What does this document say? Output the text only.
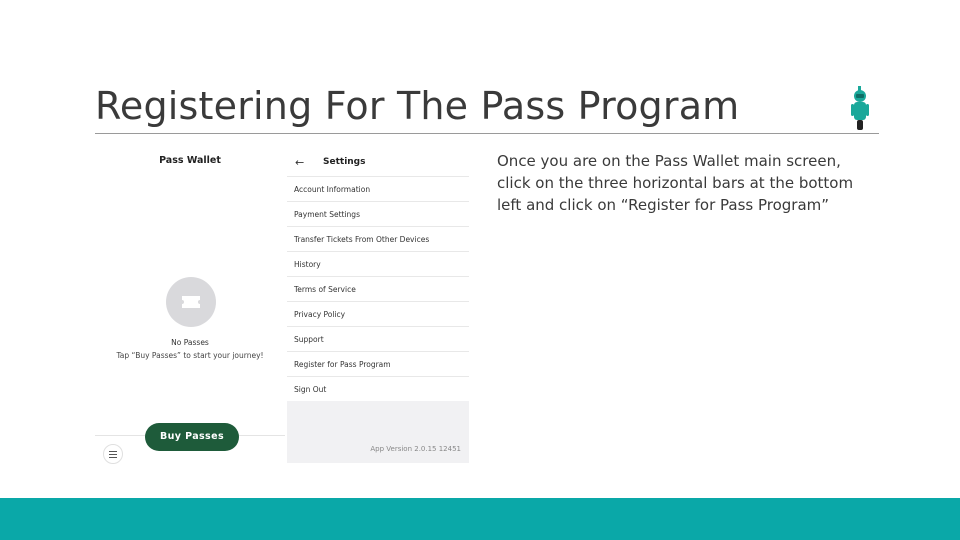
Registering For The Pass Program
Pass Wallet
No Passes
Tap “Buy Passes” to start your journey!
Buy Passes
← Settings
Account Information
Payment Settings
Transfer Tickets From Other Devices
History
Terms of Service
Privacy Policy
Support
Register for Pass Program
Sign Out
App Version 2.0.15 12451
Once you are on the Pass Wallet main screen, click on the three horizontal bars at the bottom left and click on “Register for Pass Program”
